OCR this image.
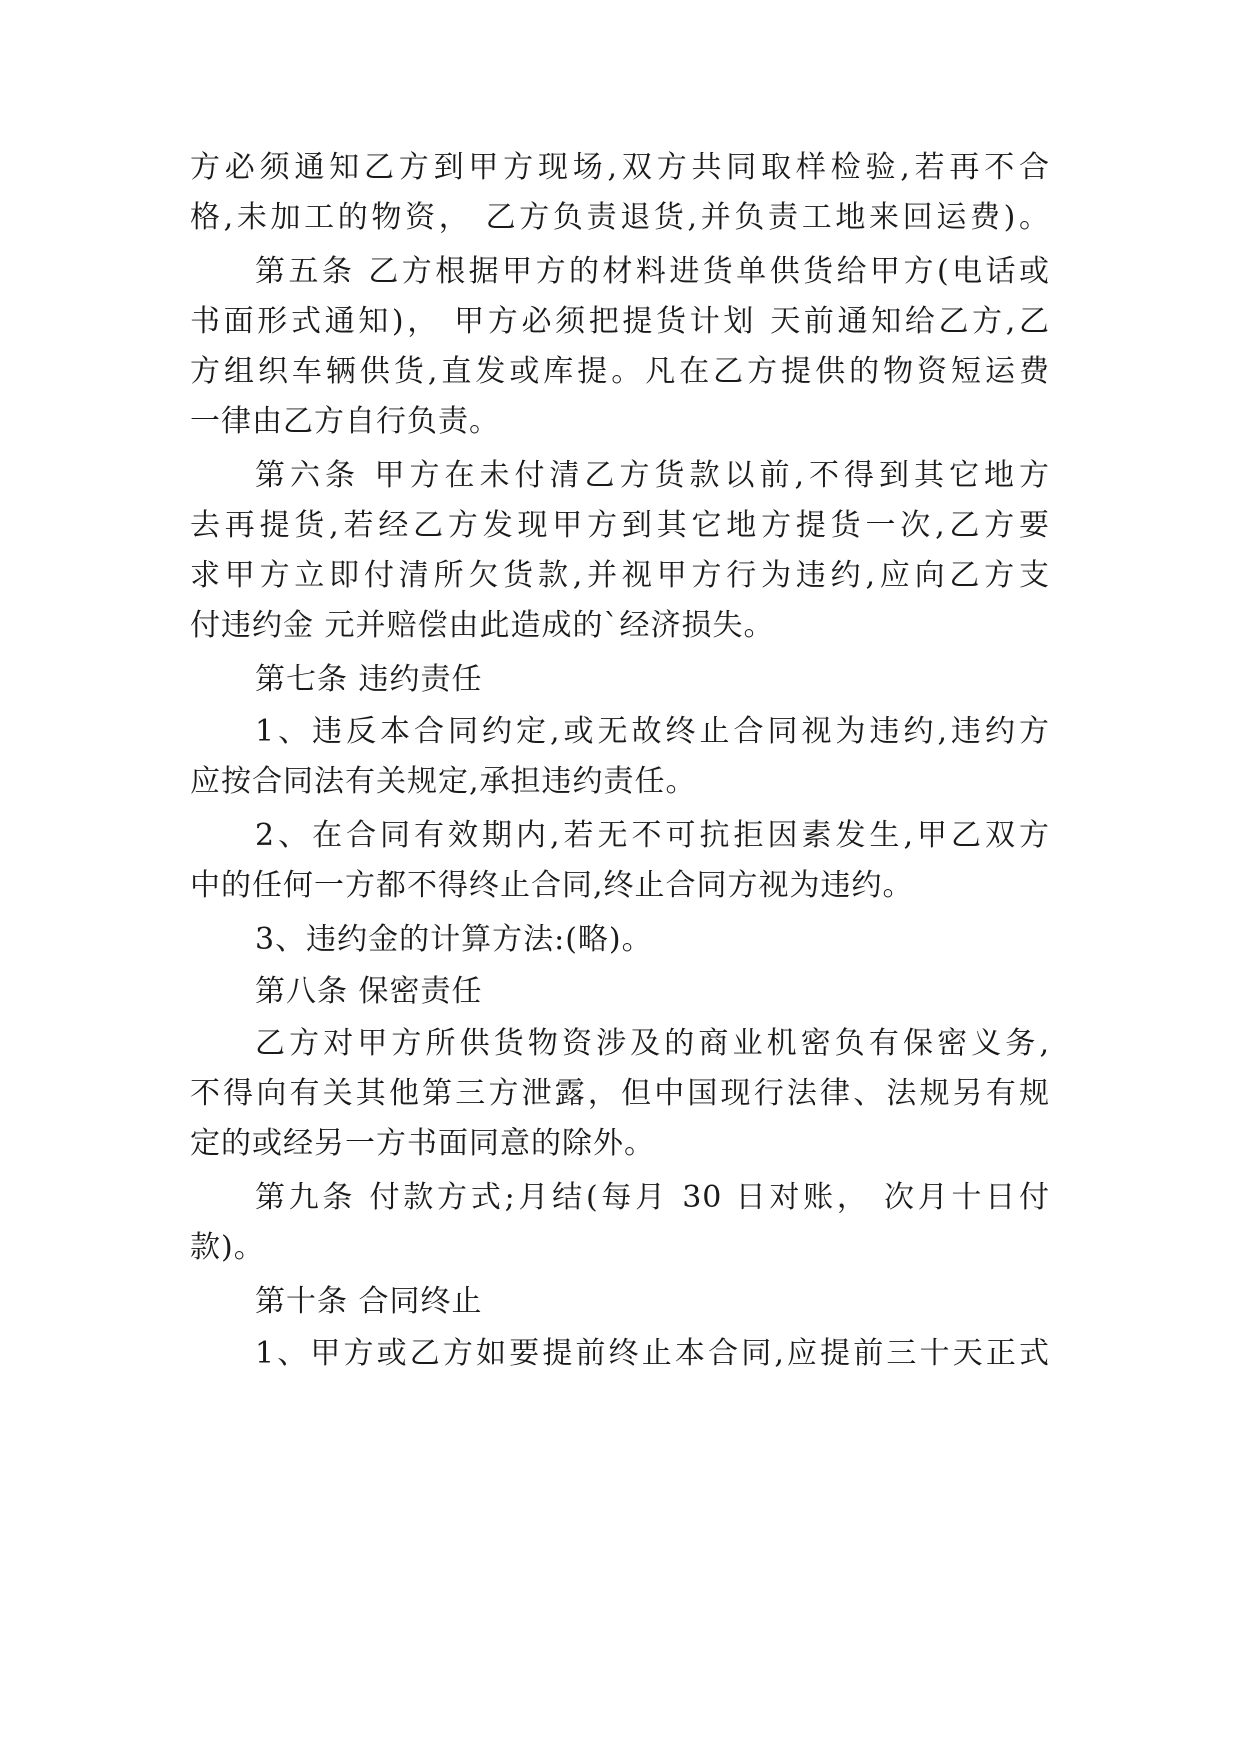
方必须通知乙方到甲方现场,双方共同取样检验,若再不合
格,未加工的物资， 乙方负责退货,并负责工地来回运费)。
第五条 乙方根据甲方的材料进货单供货给甲方(电话或
书面形式通知)， 甲方必须把提货计划 天前通知给乙方,乙
方组织车辆供货,直发或库提。凡在乙方提供的物资短运费
一律由乙方自行负责。
第六条 甲方在未付清乙方货款以前,不得到其它地方
去再提货,若经乙方发现甲方到其它地方提货一次,乙方要
求甲方立即付清所欠货款,并视甲方行为违约,应向乙方支
付违约金 元并赔偿由此造成的`经济损失。
第七条 违约责任
1、违反本合同约定,或无故终止合同视为违约,违约方
应按合同法有关规定,承担违约责任。
2、在合同有效期内,若无不可抗拒因素发生,甲乙双方
中的任何一方都不得终止合同,终止合同方视为违约。
3、违约金的计算方法:(略)。
第八条 保密责任
乙方对甲方所供货物资涉及的商业机密负有保密义务,
不得向有关其他第三方泄露，但中国现行法律、法规另有规
定的或经另一方书面同意的除外。
第九条 付款方式;月结(每月 30 日对账， 次月十日付
款)。
第十条 合同终止
1、甲方或乙方如要提前终止本合同,应提前三十天正式
